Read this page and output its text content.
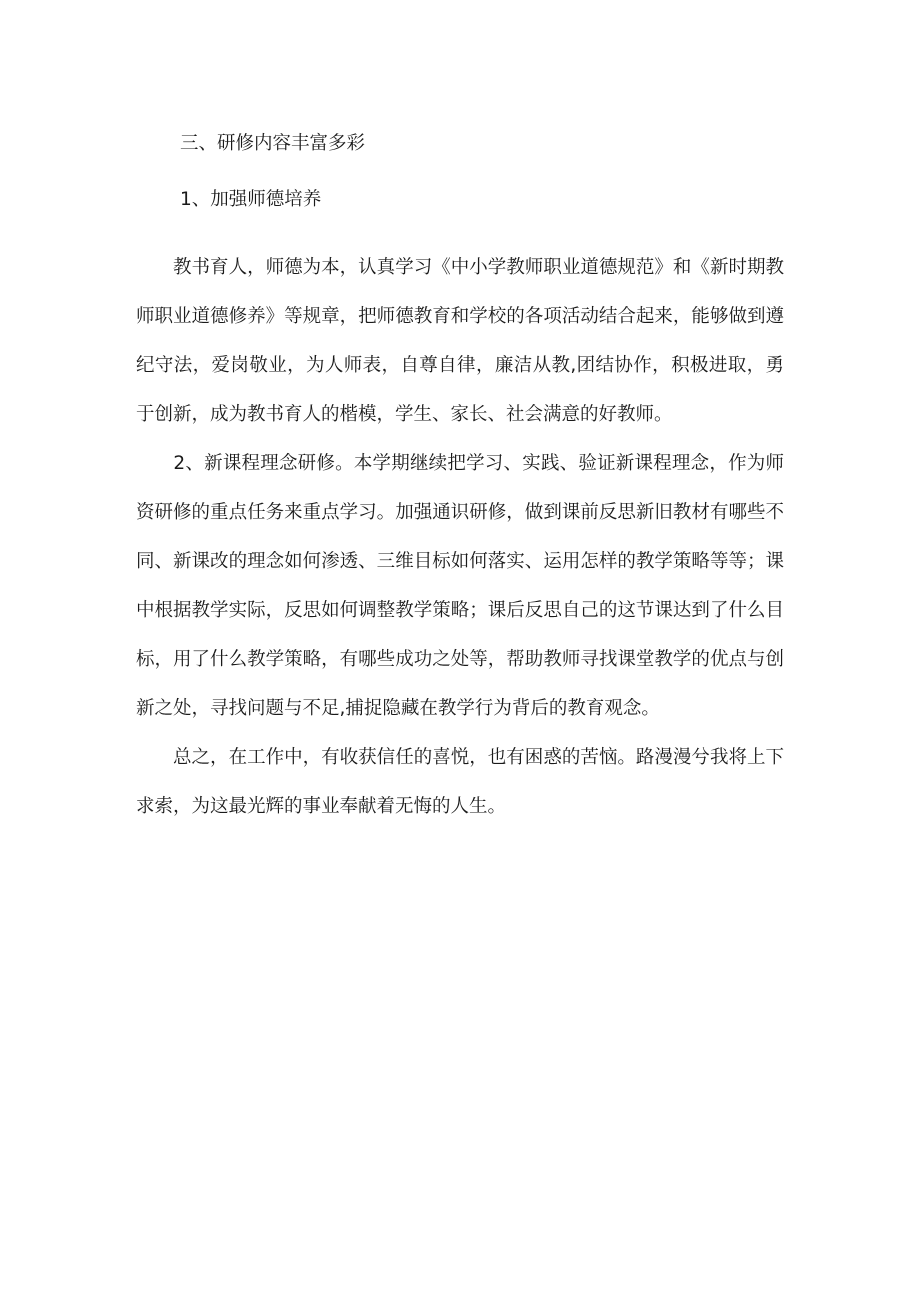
三、研修内容丰富多彩
1、加强师德培养
　　教书育人，师德为本，认真学习《中小学教师职业道德规范》和《新时期教
师职业道德修养》等规章，把师德教育和学校的各项活动结合起来，能够做到遵
纪守法，爱岗敬业，为人师表，自尊自律，廉洁从教,团结协作，积极进取，勇
于创新，成为教书育人的楷模，学生、家长、社会满意的好教师。
　　2、新课程理念研修。本学期继续把学习、实践、验证新课程理念，作为师
资研修的重点任务来重点学习。加强通识研修，做到课前反思新旧教材有哪些不
同、新课改的理念如何渗透、三维目标如何落实、运用怎样的教学策略等等；课
中根据教学实际，反思如何调整教学策略；课后反思自己的这节课达到了什么目
标，用了什么教学策略，有哪些成功之处等，帮助教师寻找课堂教学的优点与创
新之处，寻找问题与不足,捕捉隐藏在教学行为背后的教育观念。
　　总之，在工作中，有收获信任的喜悦，也有困惑的苦恼。路漫漫兮我将上下
求索，为这最光辉的事业奉献着无悔的人生。
